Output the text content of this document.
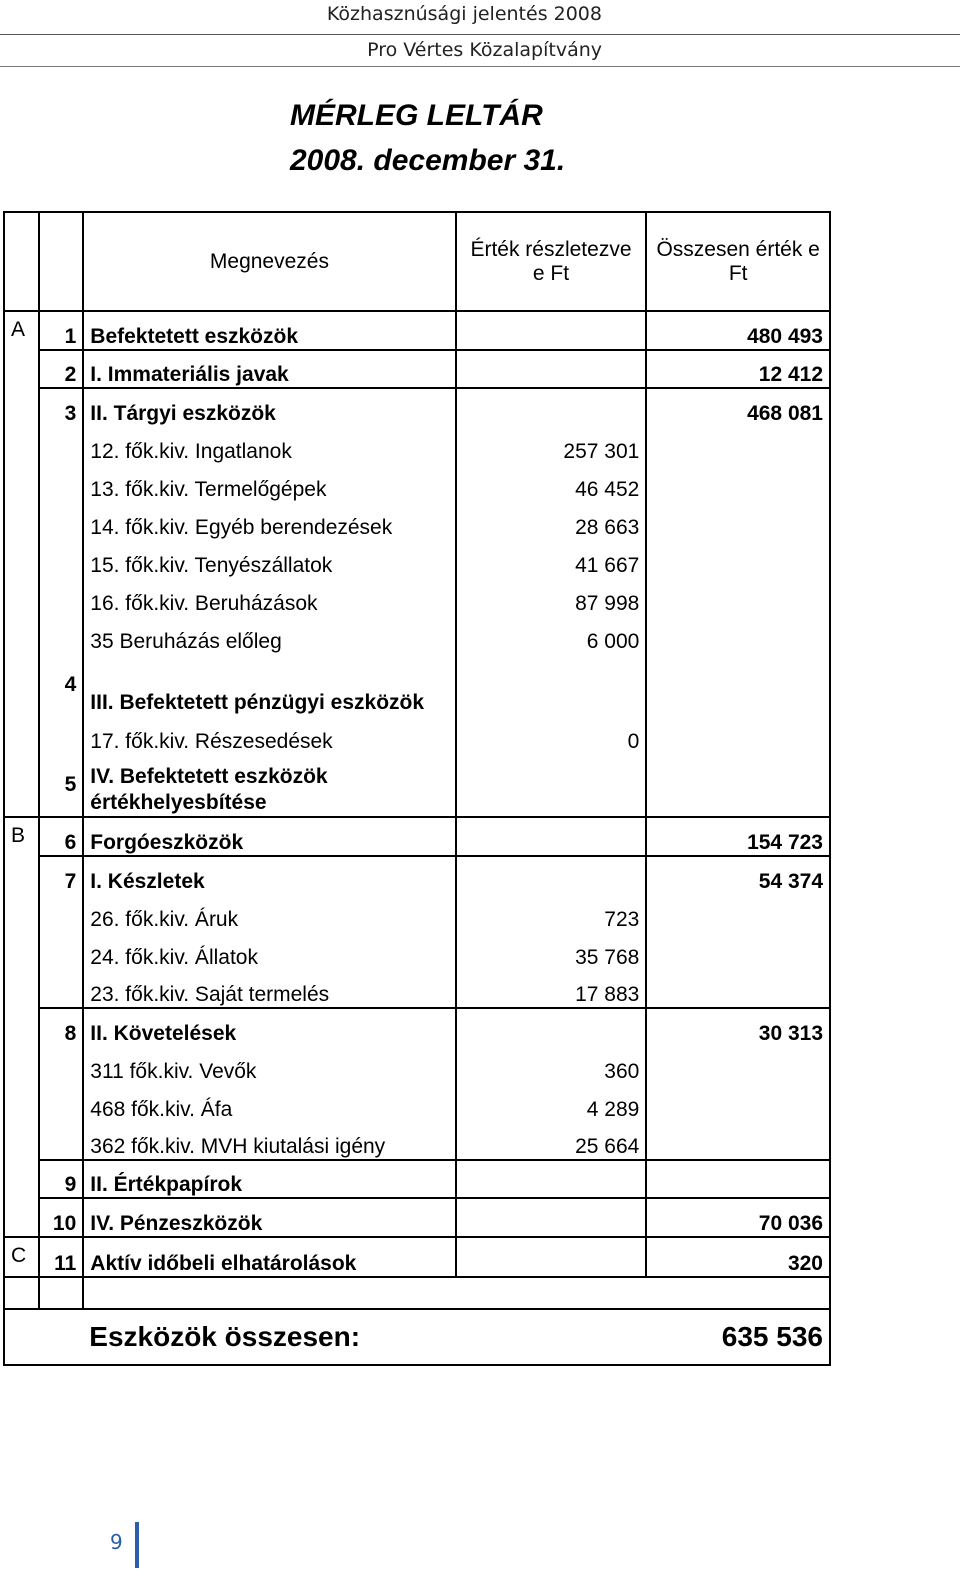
Közhasznúsági jelentés 2008
Pro Vértes Közalapítvány
MÉRLEG LELTÁR
2008. december 31.
		Megnevezés	Érték részletezve e Ft	Összesen érték e Ft
A	1	Befektetett eszközök		480 493
	2	I. Immateriális javak		12 412
	3	II. Tárgyi eszközök		468 081
		12. fők.kiv. Ingatlanok	257 301	
		13. fők.kiv. Termelőgépek	46 452	
		14. fők.kiv. Egyéb berendezések	28 663	
		15. fők.kiv. Tenyészállatok	41 667	
		16. fők.kiv. Beruházások	87 998	
		35 Beruházás előleg	6 000	
	4	III. Befektetett pénzügyi eszközök		
		17. fők.kiv. Részesedések	0	
	5	IV. Befektetett eszközök értékhelyesbítése		
B	6	Forgóeszközök		154 723
	7	I. Készletek		54 374
		26. fők.kiv. Áruk	723	
		24. fők.kiv. Állatok	35 768	
		23. fők.kiv. Saját termelés	17 883	
	8	II. Követelések		30 313
		311 fők.kiv. Vevők	360	
		468 fők.kiv. Áfa	4 289	
		362 fők.kiv. MVH kiutalási igény	25 664	
	9	II. Értékpapírok		
	10	IV. Pénzeszközök		70 036
C	11	Aktív időbeli elhatárolások		320

		Eszközök összesen:		635 536
9
